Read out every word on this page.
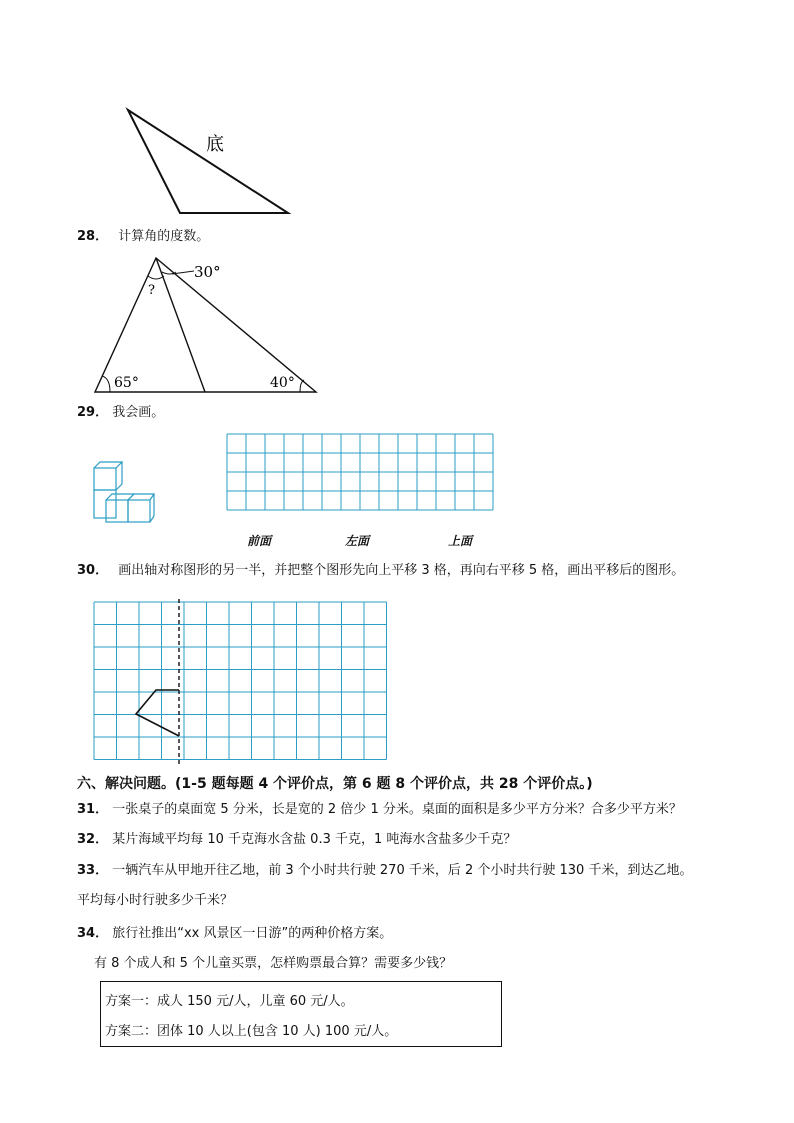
底
28． 计算角的度数。
30°
?
65°	40°
29． 我会画。
前面	左面	上面
30． 画出轴对称图形的另一半，并把整个图形先向上平移 3 格，再向右平移 5 格，画出平移后的图形。
六、解决问题。(1-5 题每题 4 个评价点，第 6 题 8 个评价点，共 28 个评价点。)
31． 一张桌子的桌面宽 5 分米，长是宽的 2 倍少 1 分米。桌面的面积是多少平方分米？合多少平方米？
32． 某片海域平均每 10 千克海水含盐 0.3 千克，1 吨海水含盐多少千克？
33． 一辆汽车从甲地开往乙地，前 3 个小时共行驶 270 千米，后 2 个小时共行驶 130 千米，到达乙地。
平均每小时行驶多少千米？
34． 旅行社推出“xx 风景区一日游”的两种价格方案。
有 8 个成人和 5 个儿童买票，怎样购票最合算？需要多少钱？
方案一：成人 150 元/人，儿童 60 元/人。
方案二：团体 10 人以上(包含 10 人) 100 元/人。
